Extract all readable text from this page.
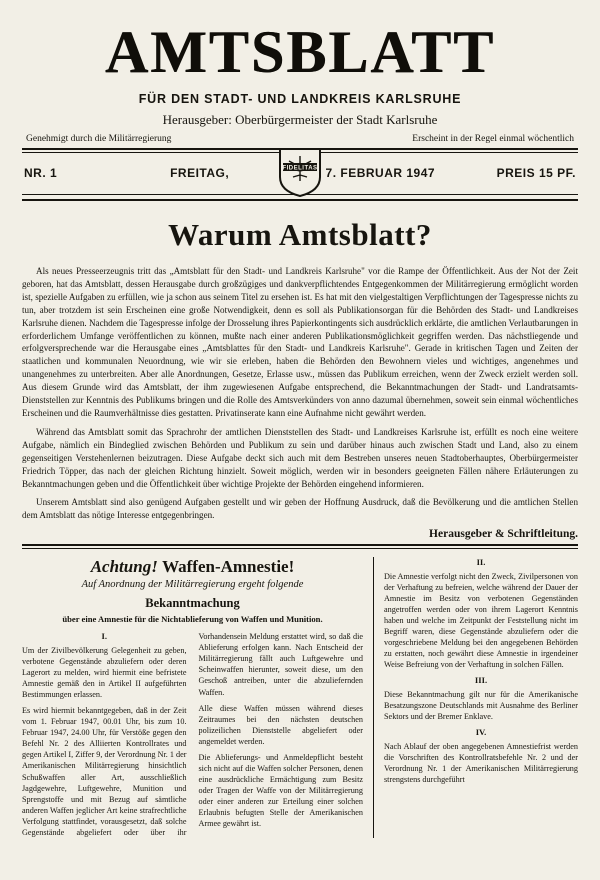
AMTSBLATT
FÜR DEN STADT- UND LANDKREIS KARLSRUHE
Herausgeber: Oberbürgermeister der Stadt Karlsruhe
Genehmigt durch die Militärregierung	Erscheint in der Regel einmal wöchentlich
NR. 1	FREITAG,	FIDELITAS 7. FEBRUAR 1947	PREIS 15 PF.
Warum Amtsblatt?

Als neues Presseerzeugnis tritt das „Amtsblatt für den Stadt- und Landkreis Karlsruhe" vor die Rampe der Öffentlichkeit. Aus der Not der Zeit geboren, hat das Amtsblatt, dessen Herausgabe durch großzügiges und dankverpflichtendes Entgegenkommen der Militärregierung ermöglicht worden ist, spezielle Aufgaben zu erfüllen, wie ja schon aus seinem Titel zu ersehen ist. Es hat mit den vielgestaltigen Verpflichtungen der Tagespresse nichts zu tun, aber trotzdem ist sein Erscheinen eine große Notwendigkeit, denn es soll als Publikationsorgan für die Behörden des Stadt- und Landkreises Karlsruhe dienen. Nachdem die Tagespresse infolge der Drosselung ihres Papierkontingents sich ausdrücklich erklärte, die amtlichen Verlautbarungen in erforderlichem Umfange veröffentlichen zu können, mußte nach einer anderen Publikationsmöglichkeit gegriffen werden. Das nächstliegende und erfolgversprechende war die Herausgabe eines „Amtsblattes für den Stadt- und Landkreis Karlsruhe". Gerade in kritischen Tagen und Zeiten der staatlichen und kommunalen Neuordnung, wie wir sie erleben, haben die Behörden den Bewohnern vieles und wichtiges, angenehmes und unangenehmes zu unterbreiten. Aber alle Anordnungen, Gesetze, Erlasse usw., müssen das Publikum erreichen, wenn der Zweck erzielt werden soll. Aus diesem Grunde wird das Amtsblatt, der ihm zugewiesenen Aufgabe entsprechend, die Bekanntmachungen der Stadt- und Landratsamts-Dienststellen zur Kenntnis des Publikums bringen und die Rolle des Amtsverkünders von anno dazumal übernehmen, soweit sein einmal wöchentliches Erscheinen und die Raumverhältnisse dies gestatten. Privatinserate kann eine Aufnahme nicht gewährt werden.

Während das Amtsblatt somit das Sprachrohr der amtlichen Dienststellen des Stadt- und Landkreises Karlsruhe ist, erfüllt es noch eine weitere Aufgabe, nämlich ein Bindeglied zwischen Behörden und Publikum zu sein und darüber hinaus auch zwischen Stadt und Land, also zu einem gegenseitigen Verstehenlernen beizutragen. Diese Aufgabe deckt sich auch mit dem Bestreben unseres neuen Stadtoberhauptes, Oberbürgermeister Friedrich Töpper, das nach der gleichen Richtung hinzielt. Soweit möglich, werden wir in besonders geeigneten Fällen nähere Erläuterungen zu Bekanntmachungen geben und die Öffentlichkeit über wichtige Projekte der Behörden eingehend informieren.

Unserem Amtsblatt sind also genügend Aufgaben gestellt und wir geben der Hoffnung Ausdruck, daß die Bevölkerung und die amtlichen Stellen dem Amtsblatt das nötige Interesse entgegenbringen.

Herausgeber & Schriftleitung.
Achtung! Waffen-Amnestie!
Auf Anordnung der Militärregierung ergeht folgende
Bekanntmachung
über eine Amnestie für die Nichtablieferung von Waffen und Munition.
I.

Um der Zivilbevölkerung Gelegenheit zu geben, verbotene Gegenstände abzuliefern oder deren Lagerort zu melden, wird hiermit eine befristete Amnestie gemäß den in Artikel II aufgeführten Bestimmungen erlassen.

Es wird hiermit bekanntgegeben, daß in der Zeit vom 1. Februar 1947, 00.01 Uhr, bis zum 10. Februar 1947, 24.00 Uhr, für Verstöße gegen den Befehl Nr. 2 des Alliierten Kontrollrates und gegen Artikel I, Ziffer 9, der Verordnung Nr. 1 der Amerikanischen Militärregierung hinsichtlich Schußwaffen aller Art, ausschließlich Jagdgewehre, Luftgewehre, Munition und Sprengstoffe und mit Bezug auf sämtliche anderen Waffen jeglicher Art keine strafrechtliche Verfolgung stattfindet, vorausgesetzt, daß solche Gegenstände abgeliefert oder über ihr Vorhandensein Meldung erstattet wird, so daß die Ablieferung erfolgen kann. Nach Entscheid der Militärregierung fällt auch Luftgewehre und Scheinwaffen hierunter, soweit diese, um den Geschoß antreiben, unter die abzuliefernden Waffen.

Alle diese Waffen müssen während dieses Zeitraumes bei den nächsten deutschen polizeilichen Dienststelle abgeliefert oder angemeldet werden.

Die Ablieferungs- und Anmeldepflicht besteht sich nicht auf die Waffen solcher Personen, denen eine ausdrückliche Ermächtigung zum Besitz oder Tragen der Waffe von der Militärregierung oder einer anderen zur Erteilung einer solchen Erlaubnis befugten Stelle der Amerikanischen Armee gewährt ist.

II.

Die Amnestie verfolgt nicht den Zweck, Zivilpersonen von der Verhaftung zu befreien, welche während der Dauer der Amnestie im Besitz von verbotenen Gegenständen angetroffen werden oder von ihrem Lagerort Kenntnis haben und welche im Zeitpunkt der Feststellung nicht im Begriff waren, diese Gegenstände abzuliefern oder die vorgeschriebene Meldung bei den angegebenen Behörden zu erstatten, noch gewährt diese Amnestie in irgendeiner Weise Befreiung von der Verhaftung in solchen Fällen.

III.

Diese Bekanntmachung gilt nur für die Amerikanische Besatzungszone Deutschlands mit Ausnahme des Berliner Sektors und der Bremer Enklave.

IV.

Nach Ablauf der oben angegebenen Amnestiefrist werden die Vorschriften des Kontrollratsbefehle Nr. 2 und der Verordnung Nr. 1 der Amerikanischen Militärregierung strengstens durchgeführt
